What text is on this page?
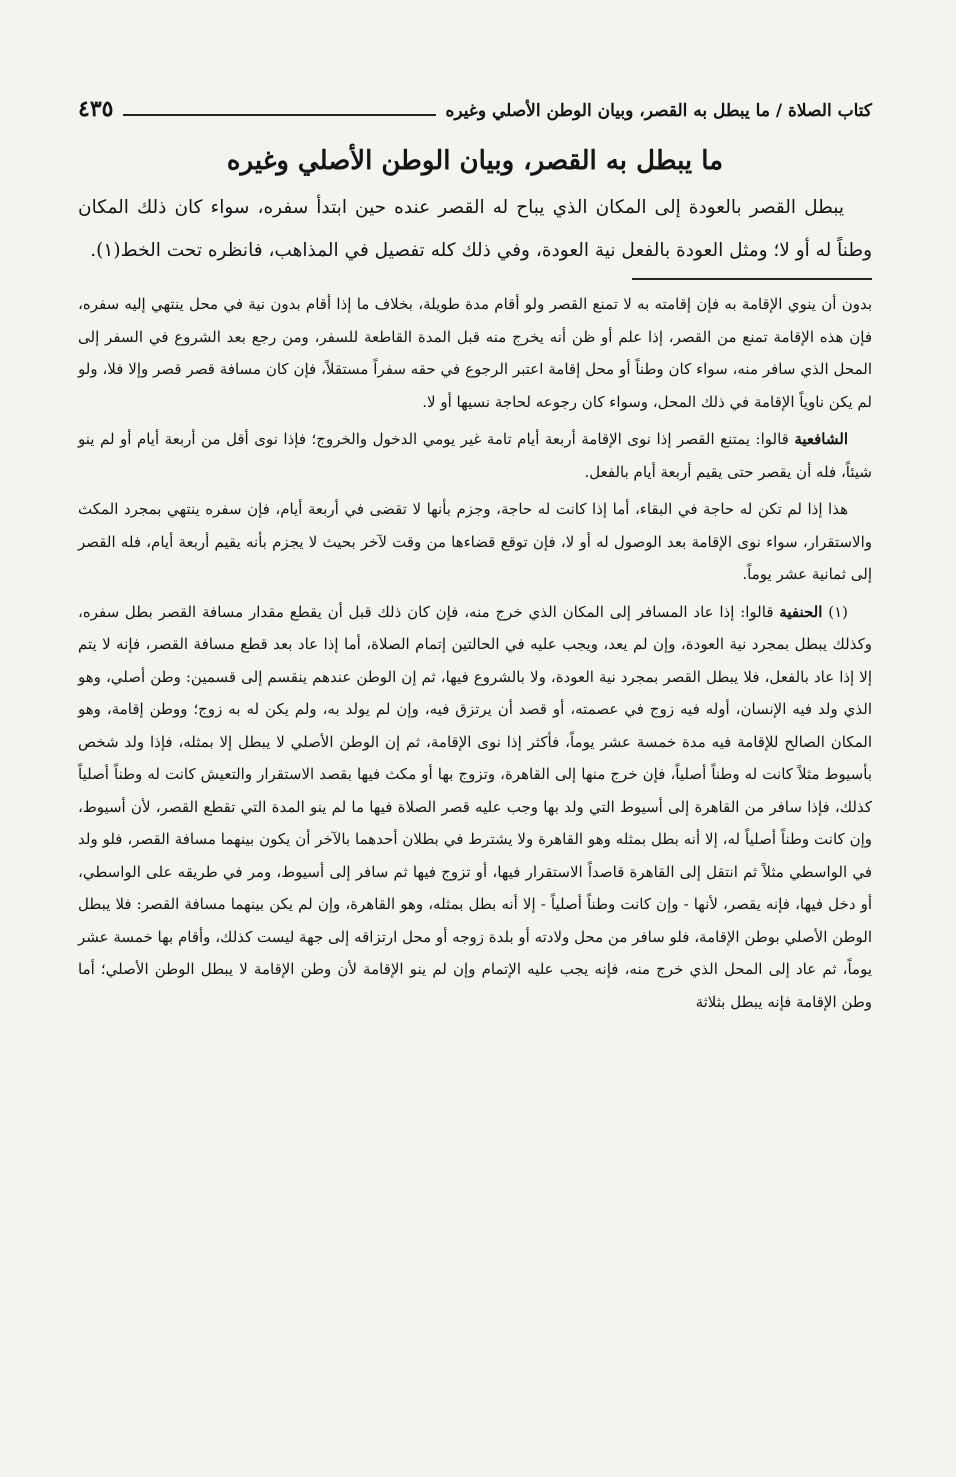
كتاب الصلاة / ما يبطل به القصر، وبيان الوطن الأصلي وغيره
٤٣٥
ما يبطل به القصر، وبيان الوطن الأصلي وغيره

يبطل القصر بالعودة إلى المكان الذي يباح له القصر عنده حين ابتدأ سفره، سواء كان ذلك المكان وطناً له أو لا؛ ومثل العودة بالفعل نية العودة، وفي ذلك كله تفصيل في المذاهب، فانظره تحت الخط(١).

بدون أن ينوي الإقامة به فإن إقامته به لا تمنع القصر ولو أقام مدة طويلة، بخلاف ما إذا أقام بدون نية في محل ينتهي إليه سفره، فإن هذه الإقامة تمنع من القصر، إذا علم أو ظن أنه يخرج منه قبل المدة القاطعة للسفر، ومن رجع بعد الشروع في السفر إلى المحل الذي سافر منه، سواء كان وطناً أو محل إقامة اعتبر الرجوع في حقه سفراً مستقلاً، فإن كان مسافة قصر قصر وإلا فلا، ولو لم يكن ناوياً الإقامة في ذلك المحل، وسواء كان رجوعه لحاجة نسيها أو لا.

الشافعية قالوا: يمتنع القصر إذا نوى الإقامة أربعة أيام تامة غير يومي الدخول والخروج؛ فإذا نوى أقل من أربعة أيام أو لم ينو شيئاً، فله أن يقصر حتى يقيم أربعة أيام بالفعل.

هذا إذا لم تكن له حاجة في البقاء، أما إذا كانت له حاجة، وجزم بأنها لا تقضى في أربعة أيام، فإن سفره ينتهي بمجرد المكث والاستقرار، سواء نوى الإقامة بعد الوصول له أو لا، فإن توقع قضاءها من وقت لآخر بحيث لا يجزم بأنه يقيم أربعة أيام، فله القصر إلى ثمانية عشر يوماً.

(١) الحنفية قالوا: إذا عاد المسافر إلى المكان الذي خرج منه، فإن كان ذلك قبل أن يقطع مقدار مسافة القصر بطل سفره، وكذلك يبطل بمجرد نية العودة، وإن لم يعد، ويجب عليه في الحالتين إتمام الصلاة، أما إذا عاد بعد قطع مسافة القصر، فإنه لا يتم إلا إذا عاد بالفعل، فلا يبطل القصر بمجرد نية العودة، ولا بالشروع فيها، ثم إن الوطن عندهم ينقسم إلى قسمين: وطن أصلي، وهو الذي ولد فيه الإنسان، أوله فيه زوج في عصمته، أو قصد أن يرتزق فيه، وإن لم يولد به، ولم يكن له به زوج؛ ووطن إقامة، وهو المكان الصالح للإقامة فيه مدة خمسة عشر يوماً، فأكثر إذا نوى الإقامة، ثم إن الوطن الأصلي لا يبطل إلا بمثله، فإذا ولد شخص بأسيوط مثلاً كانت له وطناً أصلياً، فإن خرج منها إلى القاهرة، وتزوج بها أو مكث فيها بقصد الاستقرار والتعيش كانت له وطناً أصلياً كذلك، فإذا سافر من القاهرة إلى أسيوط التي ولد بها وجب عليه قصر الصلاة فيها ما لم ينو المدة التي تقطع القصر، لأن أسيوط، وإن كانت وطناً أصلياً له، إلا أنه بطل بمثله وهو القاهرة ولا يشترط في بطلان أحدهما بالآخر أن يكون بينهما مسافة القصر، فلو ولد في الواسطي مثلاً ثم انتقل إلى القاهرة قاصداً الاستقرار فيها، أو تزوج فيها ثم سافر إلى أسيوط، ومر في طريقه على الواسطي، أو دخل فيها، فإنه يقصر، لأنها - وإن كانت وطناً أصلياً - إلا أنه بطل بمثله، وهو القاهرة، وإن لم يكن بينهما مسافة القصر: فلا يبطل الوطن الأصلي بوطن الإقامة، فلو سافر من محل ولادته أو بلدة زوجه أو محل ارتزاقه إلى جهة ليست كذلك، وأقام بها خمسة عشر يوماً، ثم عاد إلى المحل الذي خرج منه، فإنه يجب عليه الإتمام وإن لم ينو الإقامة لأن وطن الإقامة لا يبطل الوطن الأصلي؛ أما وطن الإقامة فإنه يبطل بثلاثة
